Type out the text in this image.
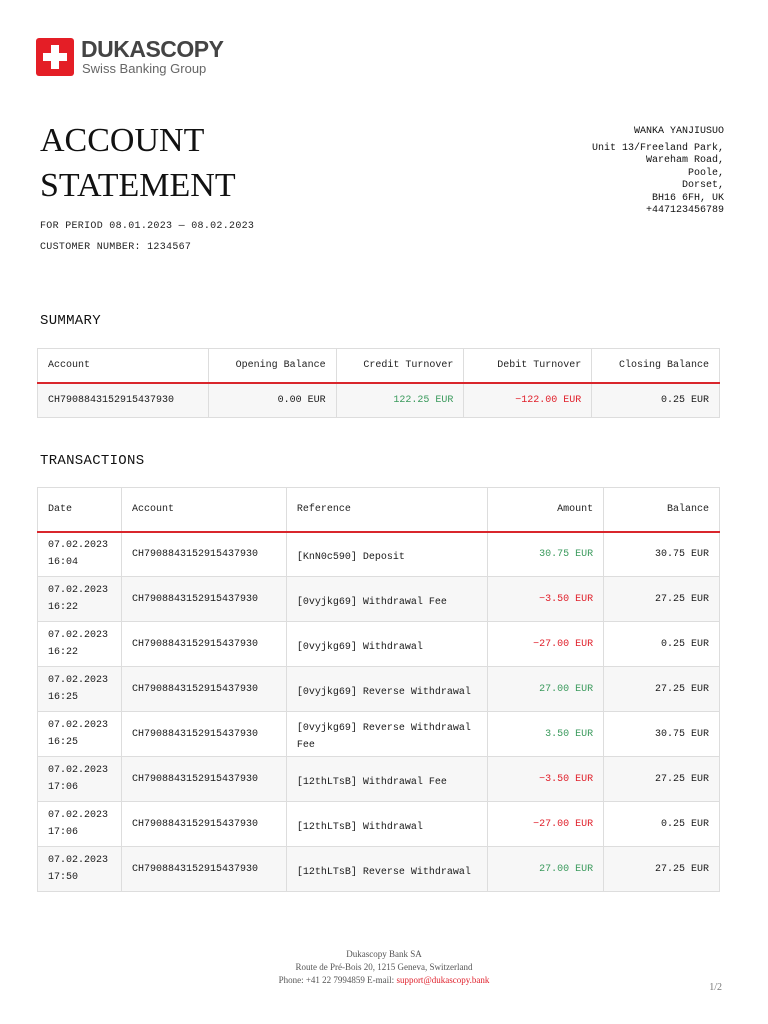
DUKASCOPY
Swiss Banking Group
ACCOUNT
STATEMENT
FOR PERIOD 08.01.2023 — 08.02.2023
CUSTOMER NUMBER: 1234567
WANKA YANJIUSUO
Unit 13/Freeland Park,
Wareham Road,
Poole,
Dorset,
BH16 6FH, UK
+447123456789
SUMMARY
Account	Opening Balance	Credit Turnover	Debit Turnover	Closing Balance
CH7908843152915437930	0.00 EUR	122.25 EUR	−122.00 EUR	0.25 EUR
TRANSACTIONS
Date	Account	Reference	Amount	Balance

07.02.2023
16:04	CH7908843152915437930	[KnN0c590] Deposit	30.75 EUR	30.75 EUR

07.02.2023
16:22	CH7908843152915437930	[0vyjkg69] Withdrawal Fee	−3.50 EUR	27.25 EUR

07.02.2023
16:22	CH7908843152915437930	[0vyjkg69] Withdrawal	−27.00 EUR	0.25 EUR

07.02.2023
16:25	CH7908843152915437930	[0vyjkg69] Reverse Withdrawal	27.00 EUR	27.25 EUR

07.02.2023
16:25	CH7908843152915437930	[0vyjkg69] Reverse Withdrawal Fee	3.50 EUR	30.75 EUR

07.02.2023
17:06	CH7908843152915437930	[12thLTsB] Withdrawal Fee	−3.50 EUR	27.25 EUR

07.02.2023
17:06	CH7908843152915437930	[12thLTsB] Withdrawal	−27.00 EUR	0.25 EUR

07.02.2023
17:50	CH7908843152915437930	[12thLTsB] Reverse Withdrawal	27.00 EUR	27.25 EUR
Dukascopy Bank SA
Route de Pré-Bois 20, 1215 Geneva, Switzerland
Phone: +41 22 7994859 E-mail: support@dukascopy.bank
1/2
